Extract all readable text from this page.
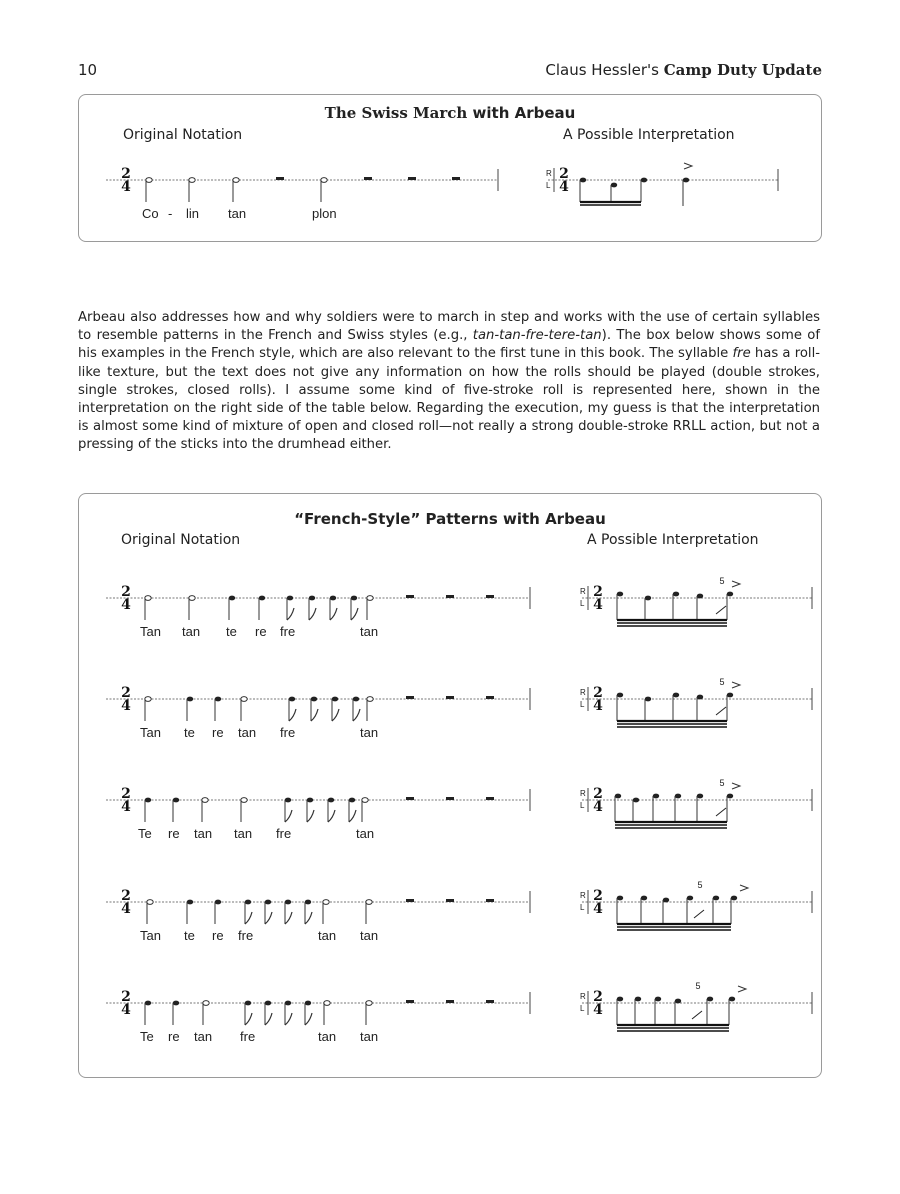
10	Claus Hessler's Camp Duty Update
The Swiss March with Arbeau
Original Notation	A Possible Interpretation
Arbeau also addresses how and why soldiers were to march in step and works with the use of certain syllables to resemble patterns in the French and Swiss styles (e.g., tan-tan-fre-tere-tan). The box below shows some of his examples in the French style, which are also relevant to the first tune in this book. The syllable fre has a roll-like texture, but the text does not give any information on how the rolls should be played (double strokes, single strokes, closed rolls). I assume some kind of five-stroke roll is represented here, shown in the interpretation on the right side of the table below. Regarding the execution, my guess is that the interpretation is almost some kind of mixture of open and closed roll—not really a strong double-stroke RRLL action, but not a pressing of the sticks into the drumhead either.
“French-Style” Patterns with Arbeau
Original Notation	A Possible Interpretation
2
4
Co - lin tan	plon
R
L
2
4
2
4
Tan tan te re fre	tan
R
L
2
4
5
2
4
Tan te re tan fre	tan
R
L
2
4
5
2
4
Te re tan tan fre	tan
R
L
2
4
5
2
4
Tan te re fre	tan tan
R
L
2
4
5
2
4
Te re tan fre	tan tan
R
L
2
4
5
